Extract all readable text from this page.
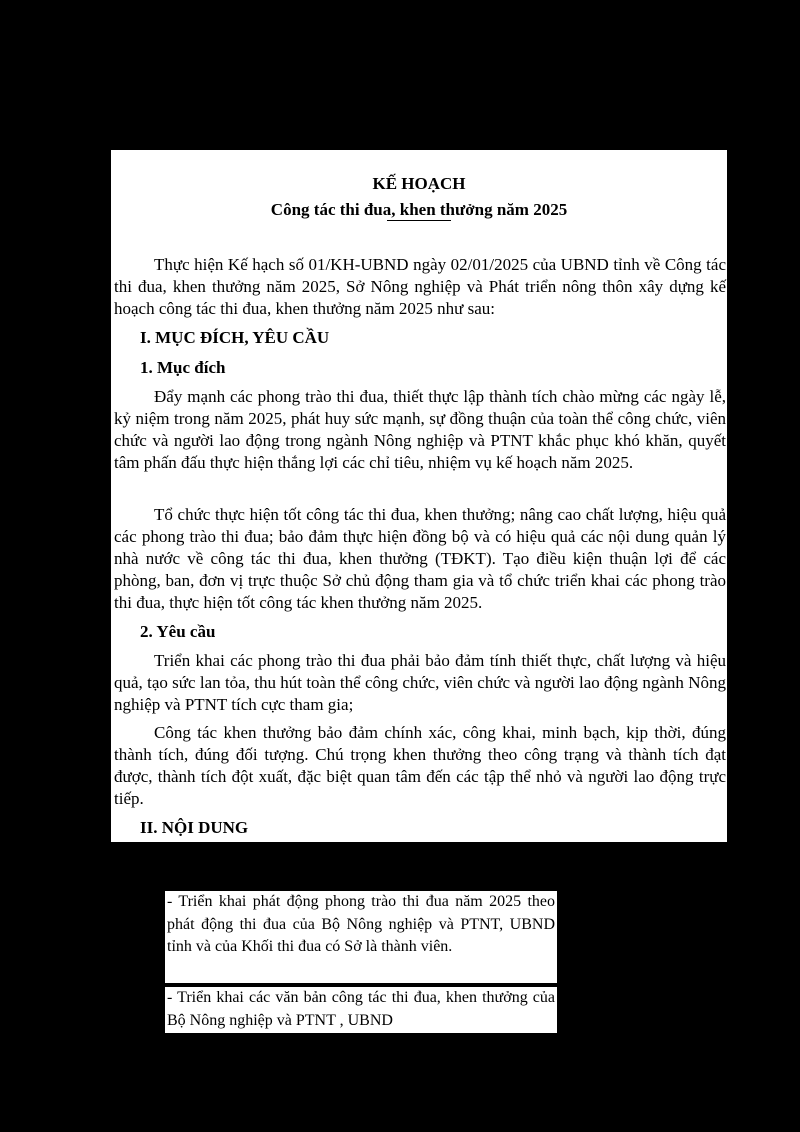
KẾ HOẠCH
Công tác thi đua, khen thưởng năm 2025

Thực hiện Kế hạch số 01/KH-UBND ngày 02/01/2025 của UBND tỉnh về Công tác thi đua, khen thưởng năm 2025, Sở Nông nghiệp và Phát triển nông thôn xây dựng kế hoạch công tác thi đua, khen thưởng năm 2025 như sau:

I. MỤC ĐÍCH, YÊU CẦU
1. Mục đích

Đẩy mạnh các phong trào thi đua, thiết thực lập thành tích chào mừng các ngày lễ, kỷ niệm trong năm 2025, phát huy sức mạnh, sự đồng thuận của toàn thể công chức, viên chức và người lao động trong ngành Nông nghiệp và PTNT khắc phục khó khăn, quyết tâm phấn đấu thực hiện thắng lợi các chỉ tiêu, nhiệm vụ kế hoạch năm 2025.

Tổ chức thực hiện tốt công tác thi đua, khen thưởng; nâng cao chất lượng, hiệu quả các phong trào thi đua; bảo đảm thực hiện đồng bộ và có hiệu quả các nội dung quản lý nhà nước về công tác thi đua, khen thưởng (TĐKT). Tạo điều kiện thuận lợi để các phòng, ban, đơn vị trực thuộc Sở chủ động tham gia và tổ chức triển khai các phong trào thi đua, thực hiện tốt công tác khen thưởng năm 2025.

2. Yêu cầu

Triển khai các phong trào thi đua phải bảo đảm tính thiết thực, chất lượng và hiệu quả, tạo sức lan tỏa, thu hút toàn thể công chức, viên chức và người lao động ngành Nông nghiệp và PTNT tích cực tham gia;

Công tác khen thưởng bảo đảm chính xác, công khai, minh bạch, kịp thời, đúng thành tích, đúng đối tượng. Chú trọng khen thưởng theo công trạng và thành tích đạt được, thành tích đột xuất, đặc biệt quan tâm đến các tập thể nhỏ và người lao động trực tiếp.

II. NỘI DUNG

- Triển khai phát động phong trào thi đua năm 2025 theo phát động thi đua của Bộ Nông nghiệp và PTNT, UBND tỉnh và của Khối thi đua có Sở là thành viên.

- Triển khai các văn bản công tác thi đua, khen thưởng của Bộ Nông nghiệp và PTNT , UBND
